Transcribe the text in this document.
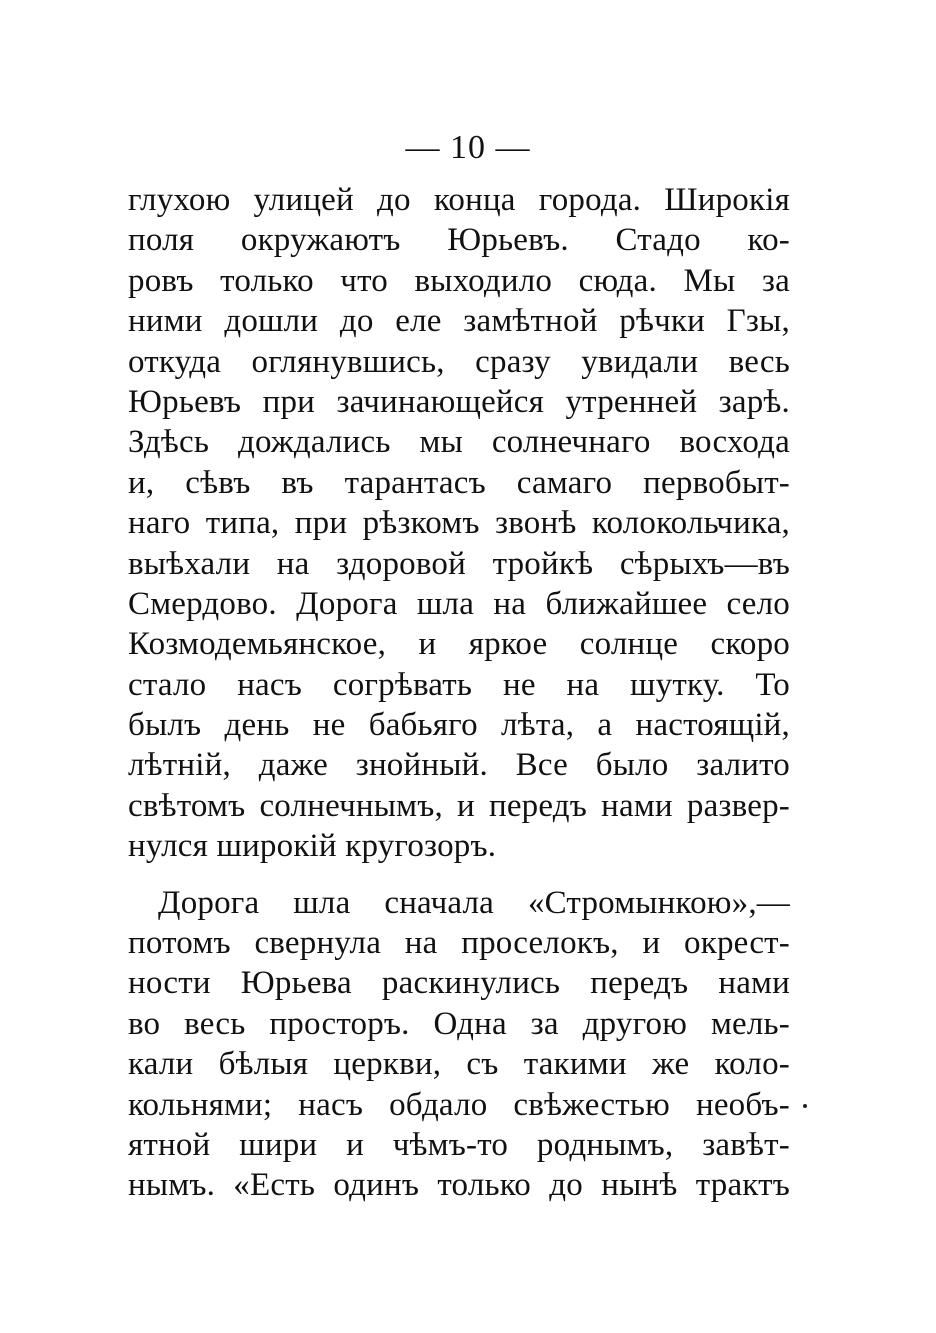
— 10 —
глухою улицей до конца города. Широкія
поля окружаютъ Юрьевъ. Стадо ко-
ровъ только что выходило сюда. Мы за
ними дошли до еле замѣтной рѣчки Гзы,
откуда оглянувшись, сразу увидали весь
Юрьевъ при зачинающейся утренней зарѣ.
Здѣсь дождались мы солнечнаго восхода
и, сѣвъ въ тарантасъ самаго первобыт-
наго типа, при рѣзкомъ звонѣ колокольчика,
выѣхали на здоровой тройкѣ сѣрыхъ—въ
Смердово. Дорога шла на ближайшее село
Козмодемьянское, и яркое солнце скоро
стало насъ согрѣвать не на шутку. То
былъ день не бабьяго лѣта, а настоящій,
лѣтній, даже знойный. Все было залито
свѣтомъ солнечнымъ, и передъ нами развер-
нулся широкій кругозоръ.
Дорога шла сначала «Стромынкою»,—
потомъ свернула на проселокъ, и окрест-
ности Юрьева раскинулись передъ нами
во весь просторъ. Одна за другою мель-
кали бѣлыя церкви, съ такими же коло-
кольнями; насъ обдало свѣжестью необъ-
ятной шири и чѣмъ-то роднымъ, завѣт-
нымъ. «Есть одинъ только до нынѣ трактъ
